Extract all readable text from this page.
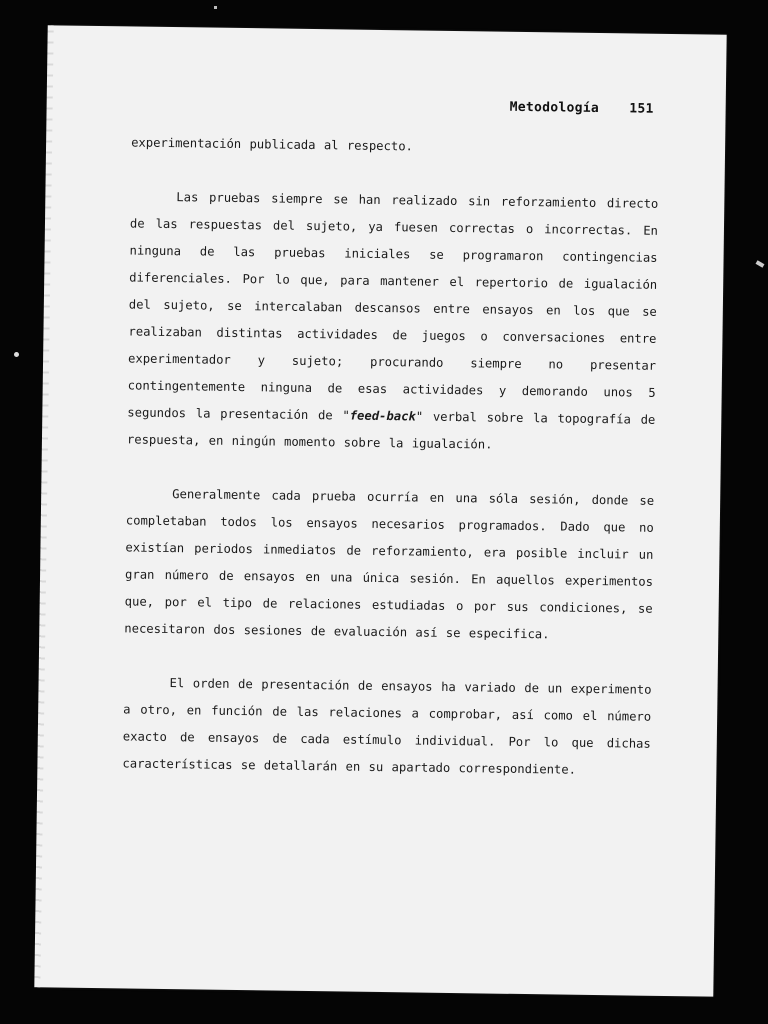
Metodología 151

experimentación publicada al respecto.

Las pruebas siempre se han realizado sin reforzamiento directo de las respuestas del sujeto, ya fuesen correctas o incorrectas. En ninguna de las pruebas iniciales se programaron contingencias diferenciales. Por lo que, para mantener el repertorio de igualación del sujeto, se intercalaban descansos entre ensayos en los que se realizaban distintas actividades de juegos o conversaciones entre experimentador y sujeto; procurando siempre no presentar contingentemente ninguna de esas actividades y demorando unos 5 segundos la presentación de "feed-back" verbal sobre la topografía de respuesta, en ningún momento sobre la igualación.

Generalmente cada prueba ocurría en una sóla sesión, donde se completaban todos los ensayos necesarios programados. Dado que no existían periodos inmediatos de reforzamiento, era posible incluir un gran número de ensayos en una única sesión. En aquellos experimentos que, por el tipo de relaciones estudiadas o por sus condiciones, se necesitaron dos sesiones de evaluación así se especifica.

El orden de presentación de ensayos ha variado de un experimento a otro, en función de las relaciones a comprobar, así como el número exacto de ensayos de cada estímulo individual. Por lo que dichas características se detallarán en su apartado correspondiente.
